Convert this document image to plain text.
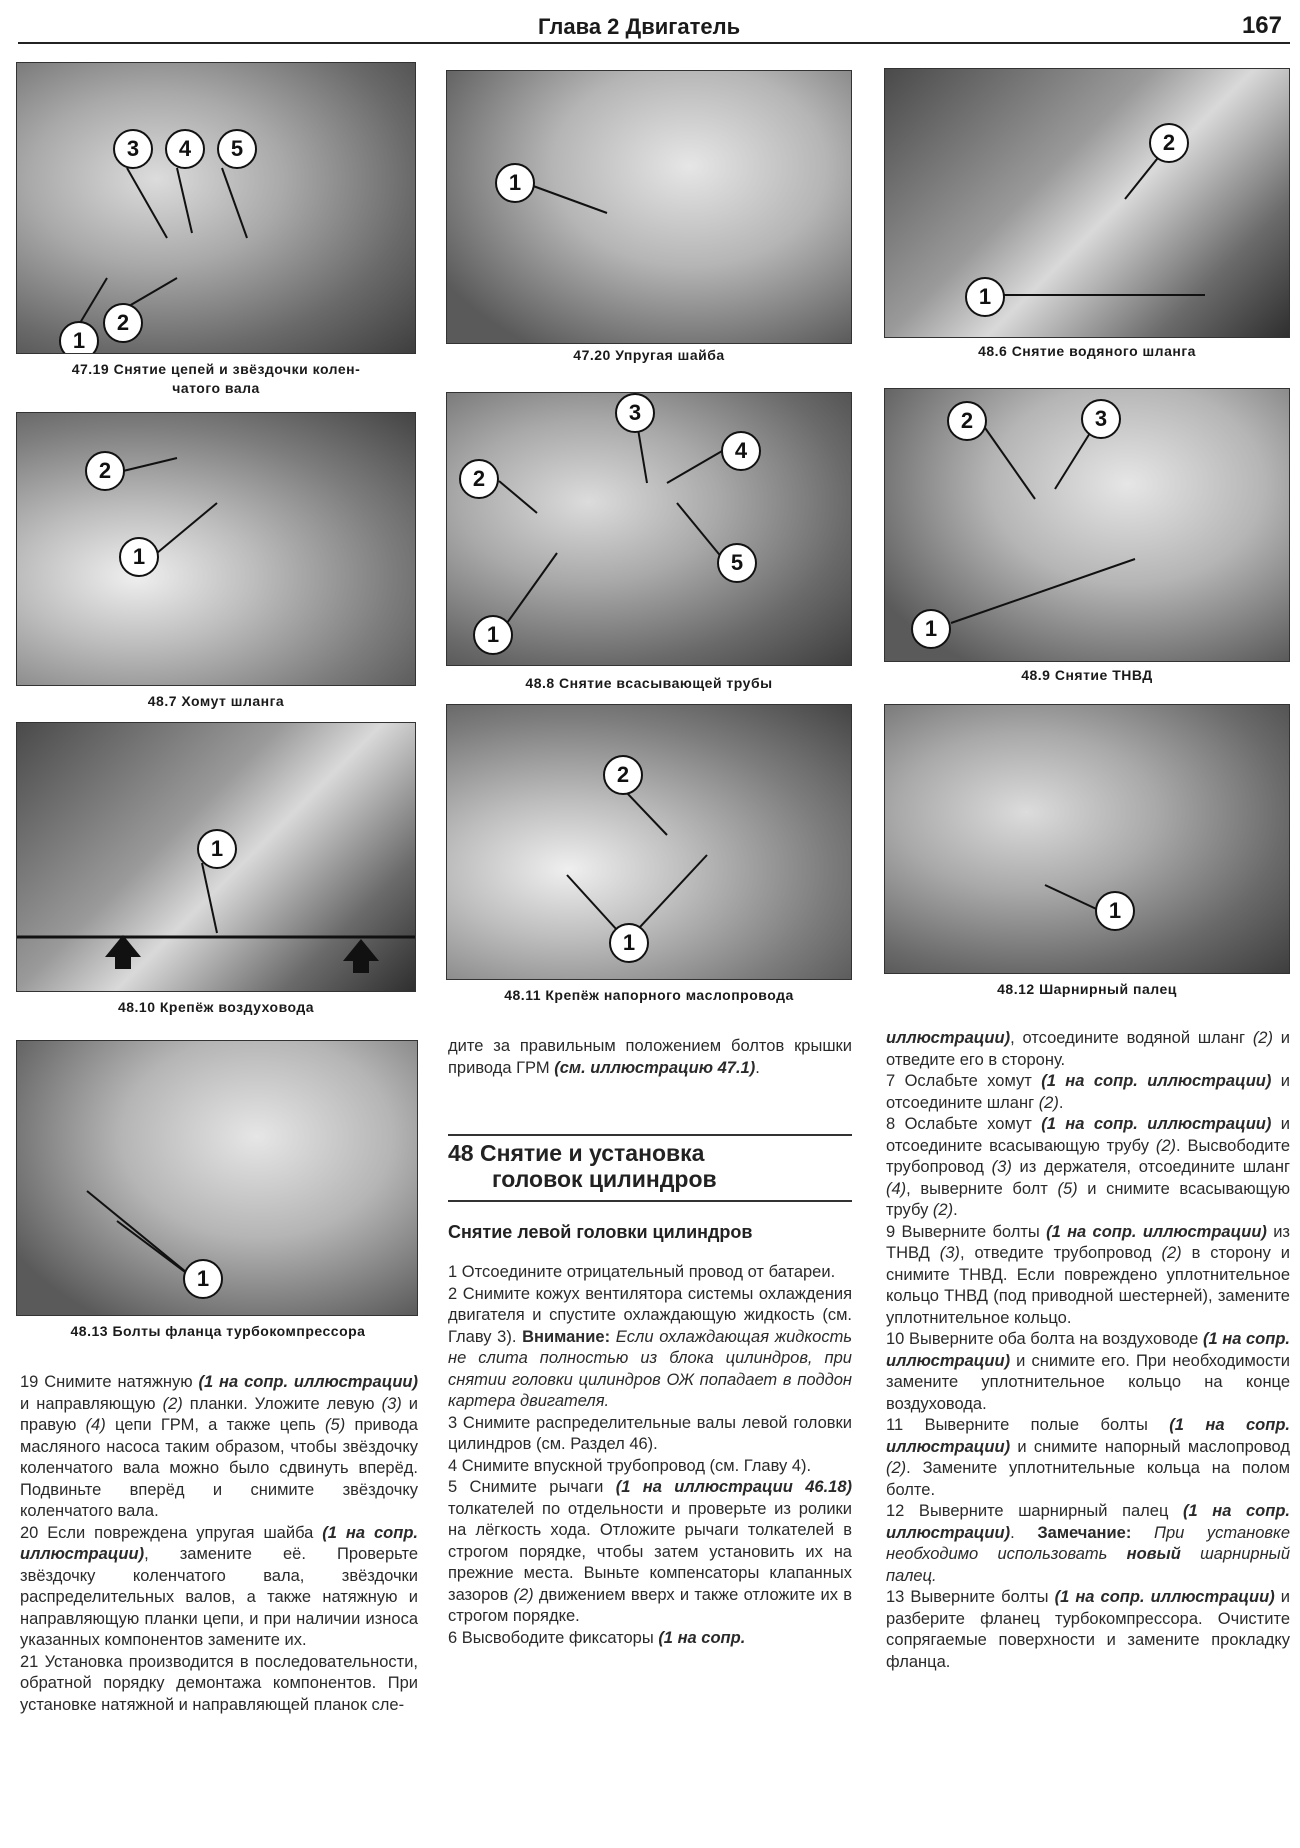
Глава 2 Двигатель	167
3	4	5
2
1
47.19 Снятие цепей и звёздочки колен-
чатого вала
1
47.20 Упругая шайба
2
1
48.6 Снятие водяного шланга
2
1
48.7 Хомут шланга
3
4
2
5
1
48.8 Снятие всасывающей трубы
2	3
1
48.9 Снятие ТНВД
1
48.10 Крепёж воздуховода
2
1
48.11 Крепёж напорного маслопровода
1
48.12 Шарнирный палец
1
48.13 Болты фланца турбокомпрессора

19 Снимите натяжную (1 на сопр. иллюстрации) и направляющую (2) планки. Уложите левую (3) и правую (4) цепи ГРМ, а также цепь (5) привода масляного насоса таким образом, чтобы звёздочку коленчатого вала можно было сдвинуть вперёд. Подвиньте вперёд и снимите звёздочку коленчатого вала.

20 Если повреждена упругая шайба (1 на сопр. иллюстрации), замените её. Проверьте звёздочку коленчатого вала, звёздочки распределительных валов, а также натяжную и направляющую планки цепи, и при наличии износа указанных компонентов замените их.

21 Установка производится в последовательности, обратной порядку демонтажа компонентов. При установке натяжной и направляющей планок сле-

дите за правильным положением болтов крышки привода ГРМ (см. иллюстрацию 47.1).

48 Снятие и установка
головок цилиндров
Снятие левой головки цилиндров

1 Отсоедините отрицательный провод от батареи.

2 Снимите кожух вентилятора системы охлаждения двигателя и спустите охлаждающую жидкость (см. Главу 3). Внимание: Если охлаждающая жидкость не слита полностью из блока цилиндров, при снятии головки цилиндров ОЖ попадает в поддон картера двигателя.

3 Снимите распределительные валы левой головки цилиндров (см. Раздел 46).

4 Снимите впускной трубопровод (см. Главу 4).

5 Снимите рычаги (1 на иллюстрации 46.18) толкателей по отдельности и проверьте из ролики на лёгкость хода. Отложите рычаги толкателей в строгом порядке, чтобы затем установить их на прежние места. Выньте компенсаторы клапанных зазоров (2) движением вверх и также отложите их в строгом порядке.

6 Высвободите фиксаторы (1 на сопр.

иллюстрации), отсоедините водяной шланг (2) и отведите его в сторону.

7 Ослабьте хомут (1 на сопр. иллюстрации) и отсоедините шланг (2).

8 Ослабьте хомут (1 на сопр. иллюстрации) и отсоедините всасывающую трубу (2). Высвободите трубопровод (3) из держателя, отсоедините шланг (4), выверните болт (5) и снимите всасывающую трубу (2).

9 Выверните болты (1 на сопр. иллюстрации) из ТНВД (3), отведите трубопровод (2) в сторону и снимите ТНВД. Если повреждено уплотнительное кольцо ТНВД (под приводной шестерней), замените уплотнительное кольцо.

10 Выверните оба болта на воздуховоде (1 на сопр. иллюстрации) и снимите его. При необходимости замените уплотнительное кольцо на конце воздуховода.

11 Выверните полые болты (1 на сопр. иллюстрации) и снимите напорный маслопровод (2). Замените уплотнительные кольца на полом болте.

12 Выверните шарнирный палец (1 на сопр. иллюстрации). Замечание: При установке необходимо использовать новый шарнирный палец.

13 Выверните болты (1 на сопр. иллюстрации) и разберите фланец турбокомпрессора. Очистите сопрягаемые поверхности и замените прокладку фланца.
